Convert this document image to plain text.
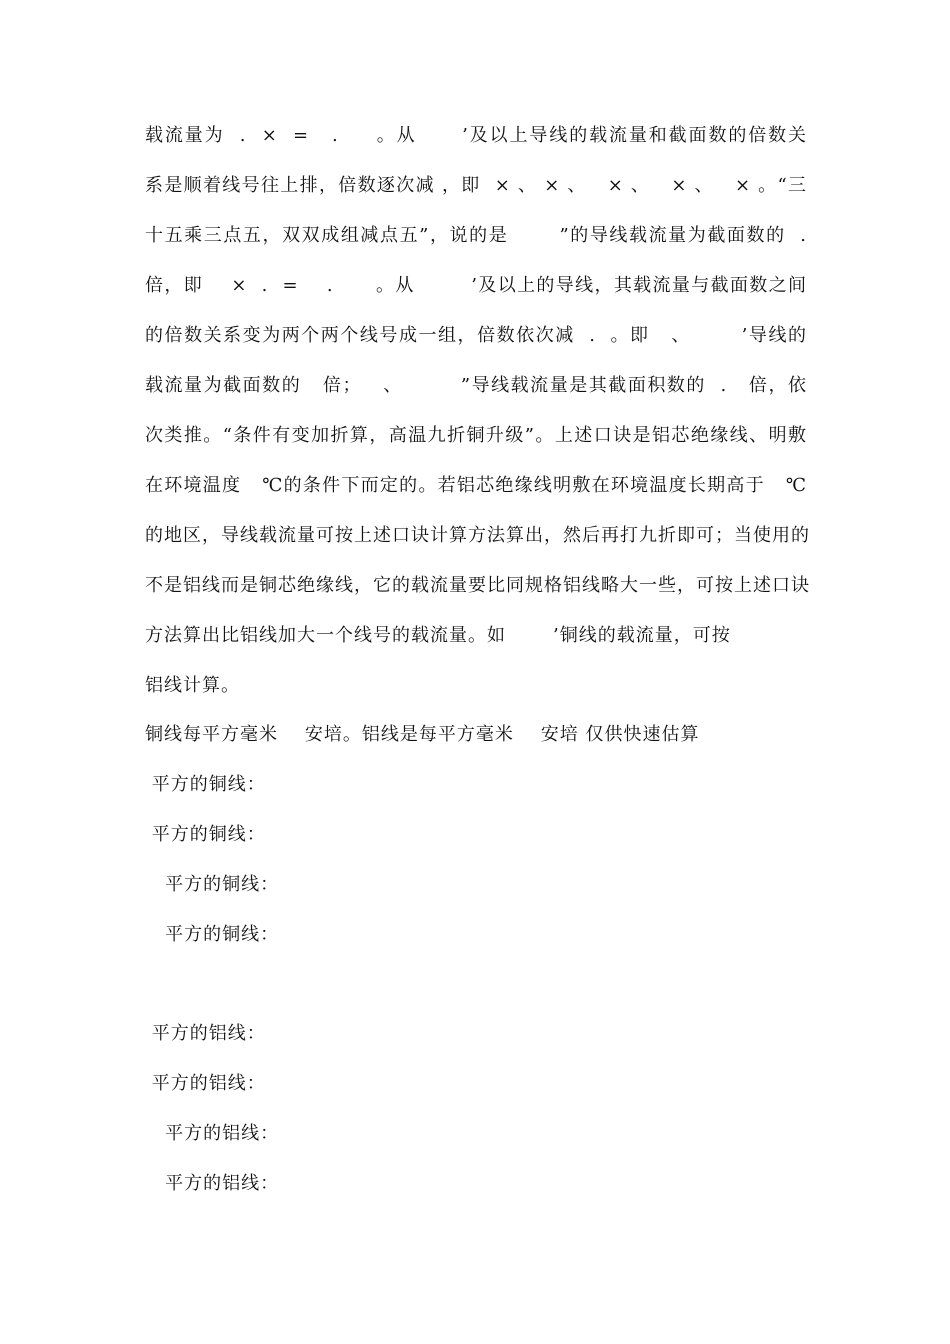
载流量为  .  ×  =   .     。从      ’及以上导线的载流量和截面数的倍数关
系是顺着线号往上排，倍数逐次减 ，即  × 、 × 、   × 、   × 、   × 。“三
十五乘三点五，双双成组减点五”，说的是       ”的导线载流量为截面数的  .
倍，即    ×  .  =    .      。从        ’及以上的导线，其载流量与截面数之间
的倍数关系变为两个两个线号成一组，倍数依次减  .  。即   、       ’导线的
载流量为截面数的   倍；   、        ”导线载流量是其截面积数的  .   倍，依
次类推。“条件有变加折算，高温九折铜升级”。上述口诀是铝芯绝缘线、明敷
在环境温度   ℃的条件下而定的。若铝芯绝缘线明敷在环境温度长期高于   ℃
的地区，导线载流量可按上述口诀计算方法算出，然后再打九折即可；当使用的
不是铝线而是铜芯绝缘线，它的载流量要比同规格铝线略大一些，可按上述口诀
方法算出比铝线加大一个线号的载流量。如       ’铜线的载流量，可按
铝线计算。
铜线每平方毫米    安培。铝线是每平方毫米    安培 仅供快速估算
平方的铜线：
平方的铜线：
平方的铜线：
平方的铜线：
平方的铝线：
平方的铝线：
平方的铝线：
平方的铝线：
